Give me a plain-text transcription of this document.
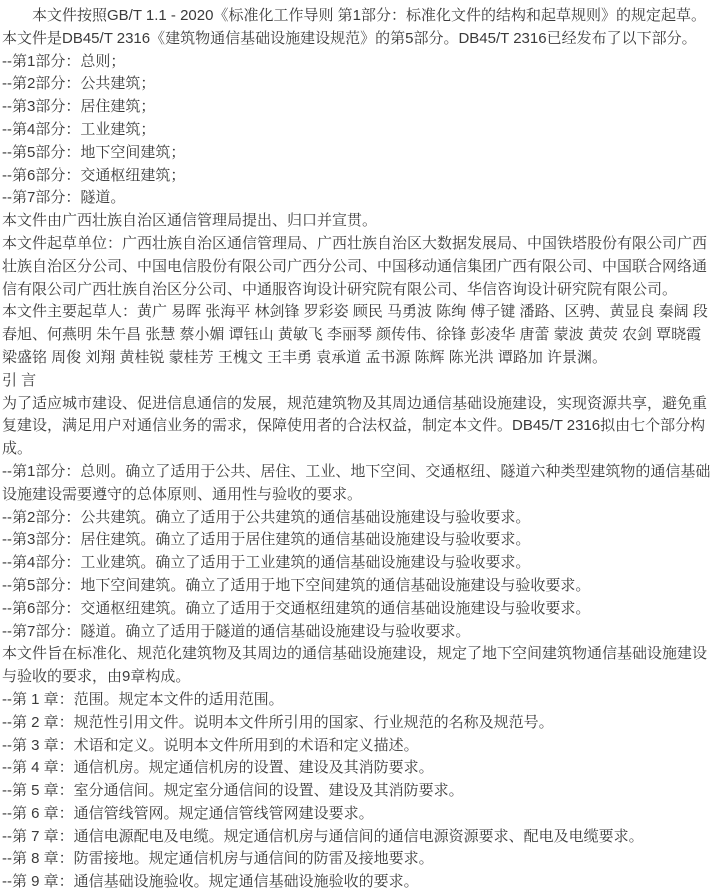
本文件按照GB/T 1.1 - 2020《标准化工作导则 第1部分：标准化文件的结构和起草规则》的规定起草。

本文件是DB45/T 2316《建筑物通信基础设施建设规范》的第5部分。DB45/T 2316已经发布了以下部分。

--第1部分：总则；

--第2部分：公共建筑；

--第3部分：居住建筑；

--第4部分：工业建筑；

--第5部分：地下空间建筑；

--第6部分：交通枢纽建筑；

--第7部分：隧道。

本文件由广西壮族自治区通信管理局提出、归口并宣贯。

本文件起草单位：广西壮族自治区通信管理局、广西壮族自治区大数据发展局、中国铁塔股份有限公司广西壮族自治区分公司、中国电信股份有限公司广西分公司、中国移动通信集团广西有限公司、中国联合网络通信有限公司广西壮族自治区分公司、中通服咨询设计研究院有限公司、华信咨询设计研究院有限公司。

本文件主要起草人：黄广 易晖 张海平 林剑锋 罗彩姿 顾民 马勇波 陈绚 傅子键 潘路、区骋、黄显良 秦阔 段春旭、何燕明 朱午昌 张慧 蔡小媚 谭钰山 黄敏飞 李丽琴 颜传伟、徐锋 彭凌华 唐蕾 蒙波 黄荧 农剑 覃晓霞 梁盛铭 周俊 刘翔 黄桂锐 蒙桂芳 王槐文 王丰勇 袁承道 孟书源 陈辉 陈光洪 谭路加 许景渊。

引 言

为了适应城市建设、促进信息通信的发展，规范建筑物及其周边通信基础设施建设，实现资源共享，避免重复建设，满足用户对通信业务的需求，保障使用者的合法权益，制定本文件。DB45/T 2316拟由七个部分构成。

--第1部分：总则。确立了适用于公共、居住、工业、地下空间、交通枢纽、隧道六种类型建筑物的通信基础设施建设需要遵守的总体原则、通用性与验收的要求。

--第2部分：公共建筑。确立了适用于公共建筑的通信基础设施建设与验收要求。

--第3部分：居住建筑。确立了适用于居住建筑的通信基础设施建设与验收要求。

--第4部分：工业建筑。确立了适用于工业建筑的通信基础设施建设与验收要求。

--第5部分：地下空间建筑。确立了适用于地下空间建筑的通信基础设施建设与验收要求。

--第6部分：交通枢纽建筑。确立了适用于交通枢纽建筑的通信基础设施建设与验收要求。

--第7部分：隧道。确立了适用于隧道的通信基础设施建设与验收要求。

本文件旨在标准化、规范化建筑物及其周边的通信基础设施建设，规定了地下空间建筑物通信基础设施建设与验收的要求，由9章构成。

--第 1 章：范围。规定本文件的适用范围。

--第 2 章：规范性引用文件。说明本文件所引用的国家、行业规范的名称及规范号。

--第 3 章：术语和定义。说明本文件所用到的术语和定义描述。

--第 4 章：通信机房。规定通信机房的设置、建设及其消防要求。

--第 5 章：室分通信间。规定室分通信间的设置、建设及其消防要求。

--第 6 章：通信管线管网。规定通信管线管网建设要求。

--第 7 章：通信电源配电及电缆。规定通信机房与通信间的通信电源资源要求、配电及电缆要求。

--第 8 章：防雷接地。规定通信机房与通信间的防雷及接地要求。

--第 9 章：通信基础设施验收。规定通信基础设施验收的要求。
